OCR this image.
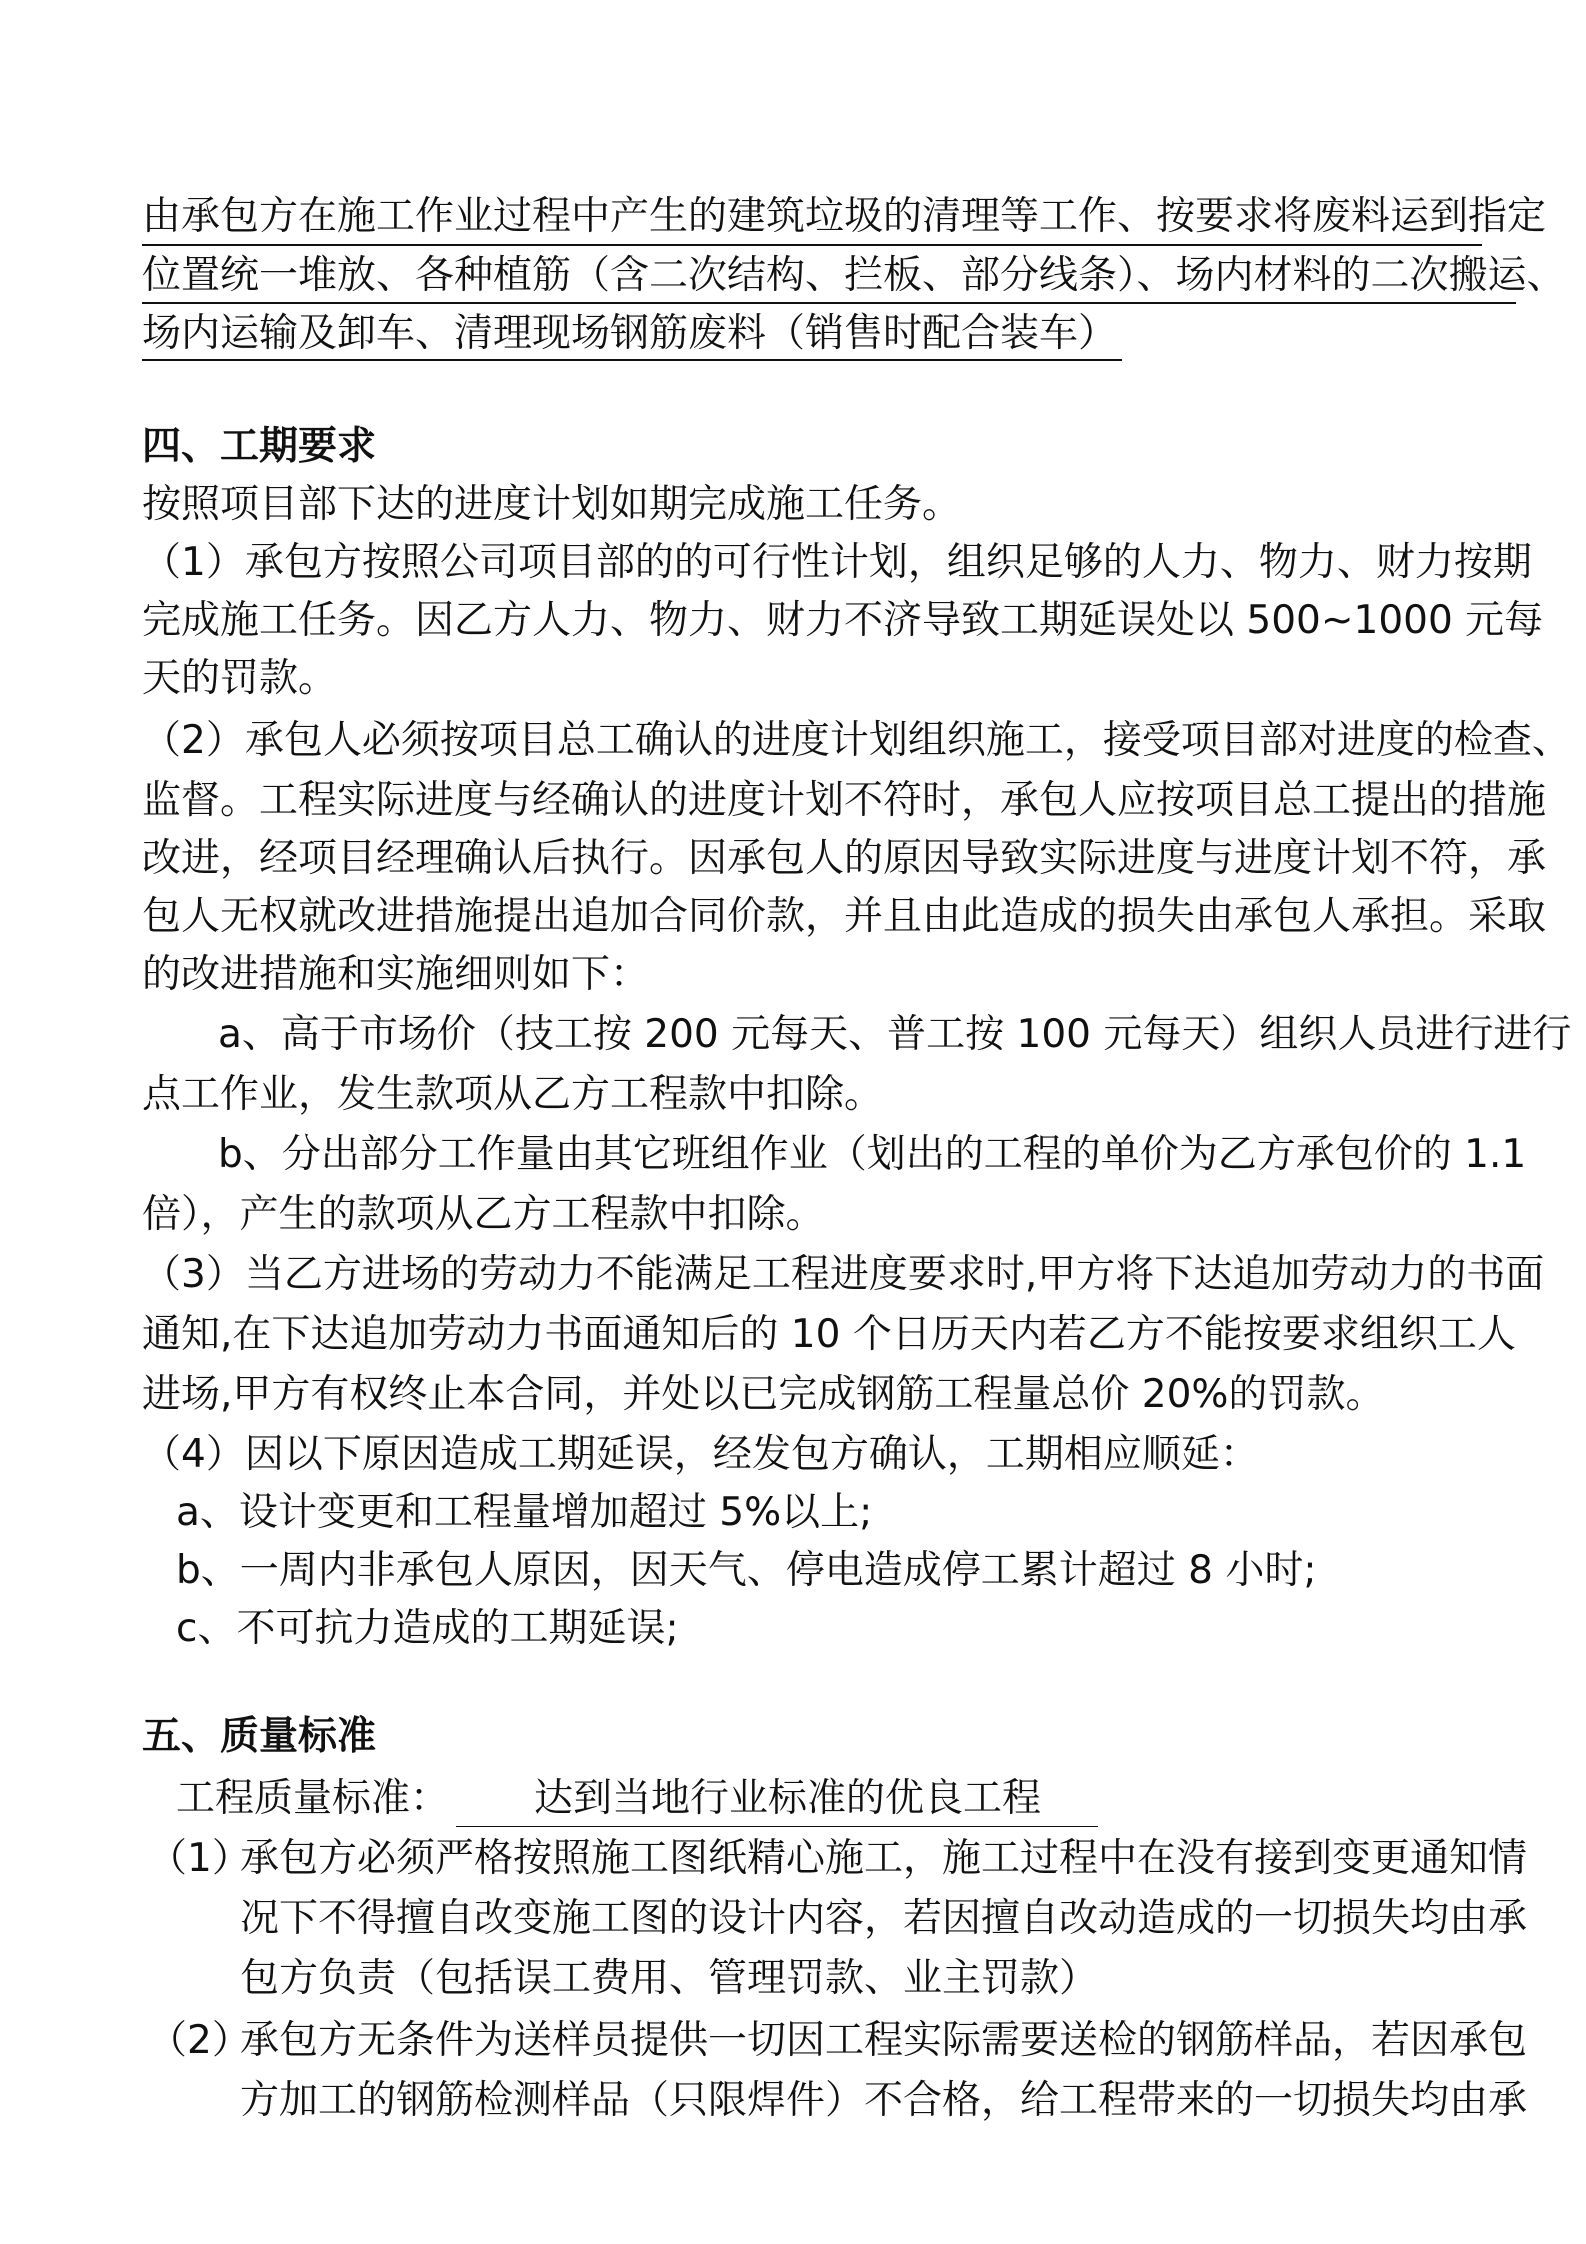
由承包方在施工作业过程中产生的建筑垃圾的清理等工作、按要求将废料运到指定
位置统一堆放、各种植筋（含二次结构、拦板、部分线条）、场内材料的二次搬运、
场内运输及卸车、清理现场钢筋废料（销售时配合装车）
四、工期要求
按照项目部下达的进度计划如期完成施工任务。
（1）承包方按照公司项目部的的可行性计划，组织足够的人力、物力、财力按期
完成施工任务。因乙方人力、物力、财力不济导致工期延误处以 500~1000 元每
天的罚款。
（2）承包人必须按项目总工确认的进度计划组织施工，接受项目部对进度的检查、
监督。工程实际进度与经确认的进度计划不符时，承包人应按项目总工提出的措施
改进，经项目经理确认后执行。因承包人的原因导致实际进度与进度计划不符，承
包人无权就改进措施提出追加合同价款，并且由此造成的损失由承包人承担。采取
的改进措施和实施细则如下：
a、高于市场价（技工按 200 元每天、普工按 100 元每天）组织人员进行进行
点工作业，发生款项从乙方工程款中扣除。
b、分出部分工作量由其它班组作业（划出的工程的单价为乙方承包价的 1.1
倍），产生的款项从乙方工程款中扣除。
（3）当乙方进场的劳动力不能满足工程进度要求时,甲方将下达追加劳动力的书面
通知,在下达追加劳动力书面通知后的 10 个日历天内若乙方不能按要求组织工人
进场,甲方有权终止本合同，并处以已完成钢筋工程量总价 20%的罚款。
（4）因以下原因造成工期延误，经发包方确认，工期相应顺延：
a、设计变更和工程量增加超过 5%以上;
b、一周内非承包人原因，因天气、停电造成停工累计超过 8 小时;
c、不可抗力造成的工期延误;
五、质量标准
工程质量标准： 达到当地行业标准的优良工程
（1）
承包方必须严格按照施工图纸精心施工，施工过程中在没有接到变更通知情
况下不得擅自改变施工图的设计内容，若因擅自改动造成的一切损失均由承
包方负责（包括误工费用、管理罚款、业主罚款）
（2）
承包方无条件为送样员提供一切因工程实际需要送检的钢筋样品，若因承包
方加工的钢筋检测样品（只限焊件）不合格，给工程带来的一切损失均由承
